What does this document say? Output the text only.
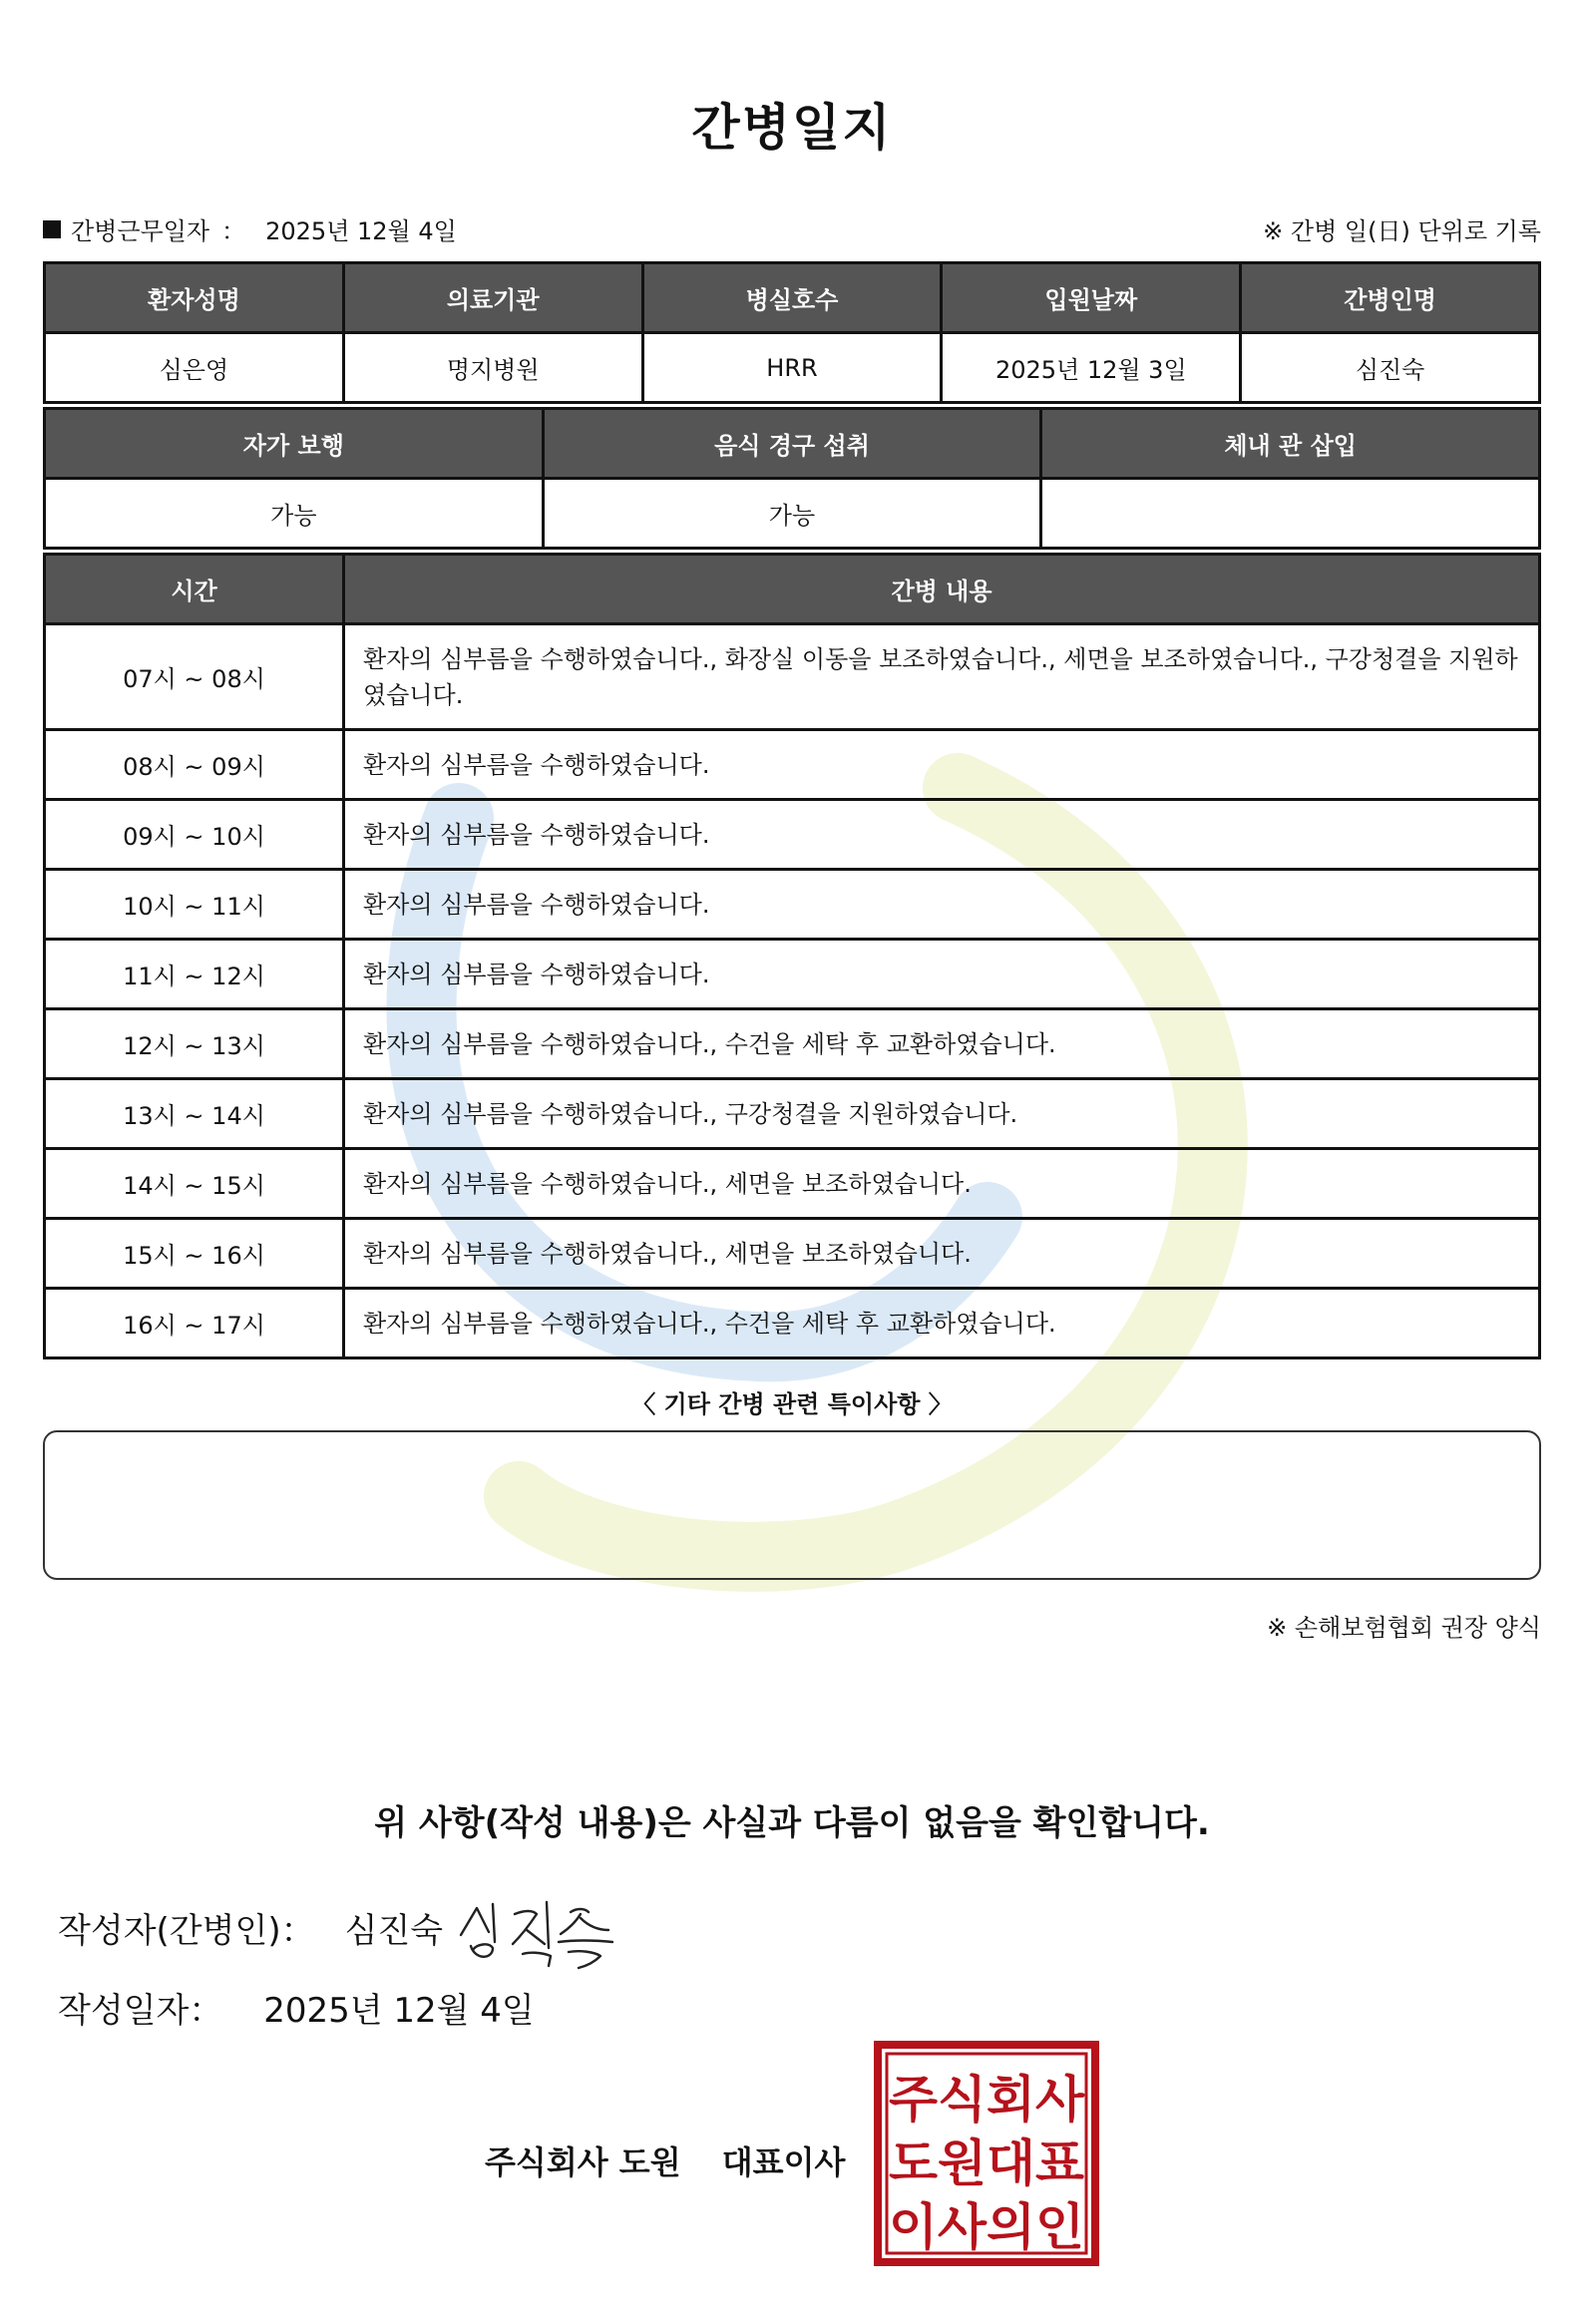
간병일지
간병근무일자 ： 2025년 12월 4일	※ 간병 일(日) 단위로 기록
환자성명	의료기관	병실호수	입원날짜	간병인명
심은영	명지병원	HRR	2025년 12월 3일	심진숙
자가 보행	음식 경구 섭취	체내 관 삽입
가능	가능	
시간	간병 내용
07시 ~ 08시	환자의 심부름을 수행하였습니다., 화장실 이동을 보조하였습니다., 세면을 보조하였습니다., 구강청결을 지원하였습니다.
08시 ~ 09시	환자의 심부름을 수행하였습니다.
09시 ~ 10시	환자의 심부름을 수행하였습니다.
10시 ~ 11시	환자의 심부름을 수행하였습니다.
11시 ~ 12시	환자의 심부름을 수행하였습니다.
12시 ~ 13시	환자의 심부름을 수행하였습니다., 수건을 세탁 후 교환하였습니다.
13시 ~ 14시	환자의 심부름을 수행하였습니다., 구강청결을 지원하였습니다.
14시 ~ 15시	환자의 심부름을 수행하였습니다., 세면을 보조하였습니다.
15시 ~ 16시	환자의 심부름을 수행하였습니다., 세면을 보조하였습니다.
16시 ~ 17시	환자의 심부름을 수행하였습니다., 수건을 세탁 후 교환하였습니다.
〈 기타 간병 관련 특이사항 〉
※ 손해보험협회 권장 양식
위 사항(작성 내용)은 사실과 다름이 없음을 확인합니다.
작성자(간병인)： 심진숙
작성일자： 2025년 12월 4일
주식회사 도원 대표이사
주식회사
도원대표
이사의인
